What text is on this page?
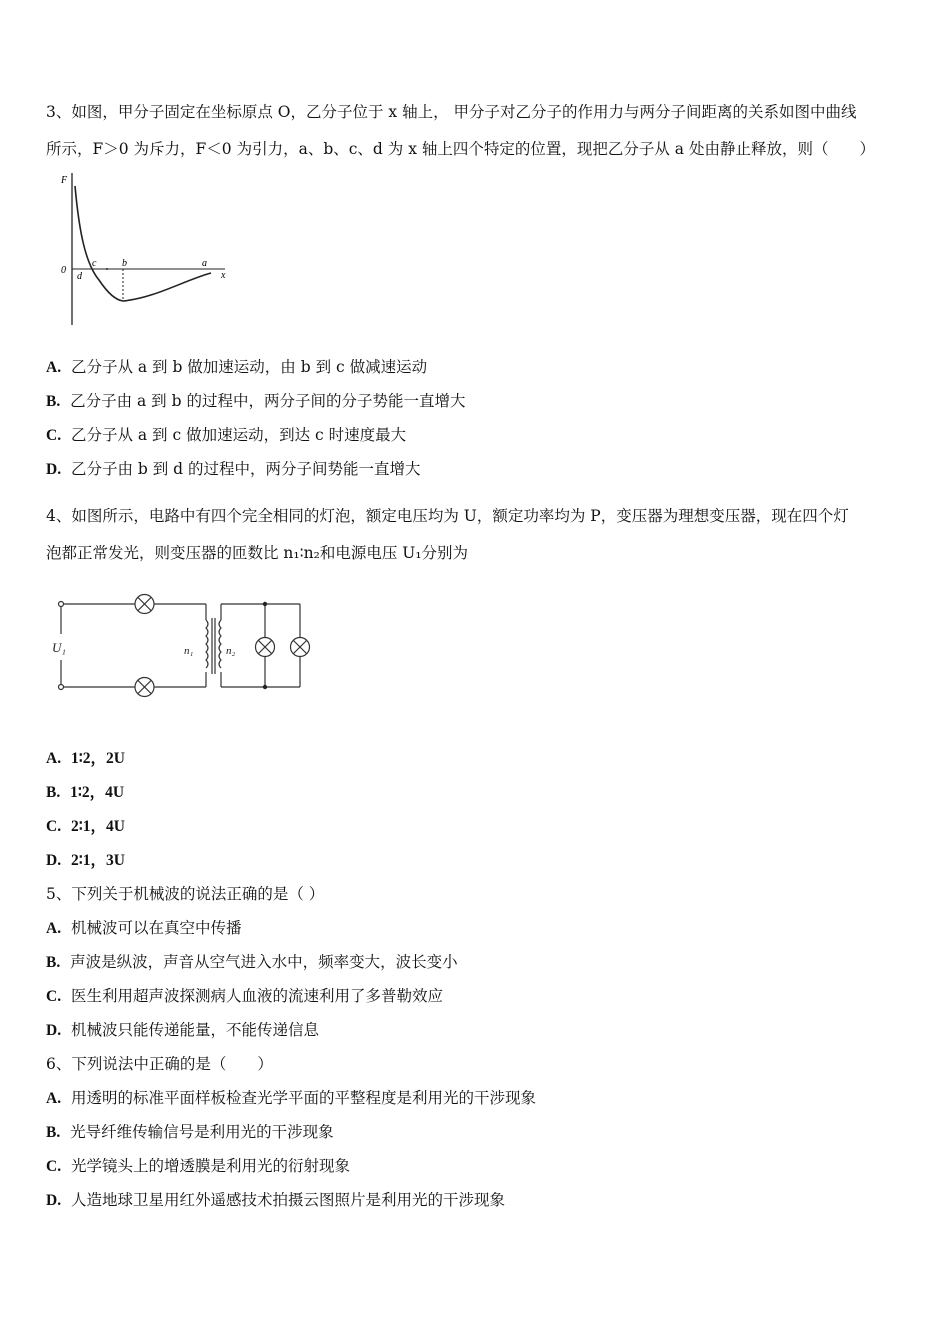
3、如图，甲分子固定在坐标原点 O，乙分子位于 x 轴上， 甲分子对乙分子的作用力与两分子间距离的关系如图中曲线
所示，F＞0 为斥力，F＜0 为引力，a、b、c、d 为 x 轴上四个特定的位置，现把乙分子从 a 处由静止释放，则（　　）
F
x
0
c
d
b	a
A. 乙分子从 a 到 b 做加速运动，由 b 到 c 做减速运动
B. 乙分子由 a 到 b 的过程中，两分子间的分子势能一直增大
C. 乙分子从 a 到 c 做加速运动，到达 c 时速度最大
D. 乙分子由 b 到 d 的过程中，两分子间势能一直增大
4、如图所示，电路中有四个完全相同的灯泡，额定电压均为 U，额定功率均为 P，变压器为理想变压器，现在四个灯
泡都正常发光，则变压器的匝数比 n₁∶n₂和电源电压 U₁分别为
U₁	n₁	n₂
A. 1∶2，2U
B. 1∶2，4U
C. 2∶1，4U
D. 2∶1，3U
5、下列关于机械波的说法正确的是（ ）
A. 机械波可以在真空中传播
B. 声波是纵波，声音从空气进入水中，频率变大，波长变小
C. 医生利用超声波探测病人血液的流速利用了多普勒效应
D. 机械波只能传递能量，不能传递信息
6、下列说法中正确的是（　　）
A. 用透明的标准平面样板检查光学平面的平整程度是利用光的干涉现象
B. 光导纤维传输信号是利用光的干涉现象
C. 光学镜头上的增透膜是利用光的衍射现象
D. 人造地球卫星用红外遥感技术拍摄云图照片是利用光的干涉现象
